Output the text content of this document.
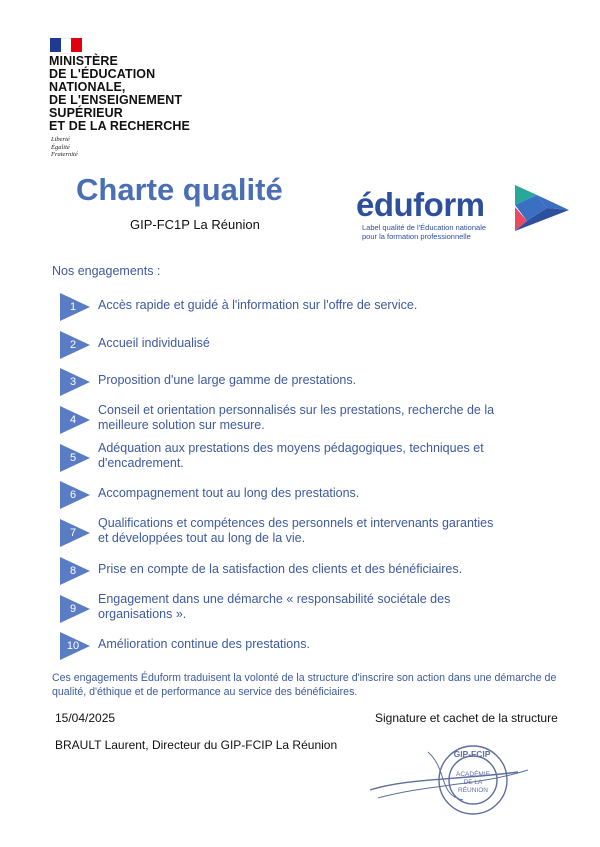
MINISTÈRE
DE L'ÉDUCATION
NATIONALE,
DE L'ENSEIGNEMENT
SUPÉRIEUR
ET DE LA RECHERCHE
Liberté
Égalité
Fraternité
Charte qualité
GIP-FC1P La Réunion
éduform
Label qualité de l'Éducation nationale
pour la formation professionnelle
Nos engagements :
1	Accès rapide et guidé à l'information sur l'offre de service.
2	Accueil individualisé
3	Proposition d'une large gamme de prestations.
4
Conseil et orientation personnalisés sur les prestations, recherche de la
meilleure solution sur mesure.
5
Adéquation aux prestations des moyens pédagogiques, techniques et
d'encadrement.
6	Accompagnement tout au long des prestations.
7
Qualifications et compétences des personnels et intervenants garanties
et développées tout au long de la vie.
8	Prise en compte de la satisfaction des clients et des bénéficiaires.
9
Engagement dans une démarche « responsabilité sociétale des
organisations ».
10	Amélioration continue des prestations.
Ces engagements Éduform traduisent la volonté de la structure d'inscrire son action dans une démarche de qualité, d'éthique et de performance au service des bénéficiaires.
15/04/2025	Signature et cachet de la structure
BRAULT Laurent, Directeur du GIP-FCIP La Réunion
GIP-FCIP
ACADÉMIE
DE LA
RÉUNION
